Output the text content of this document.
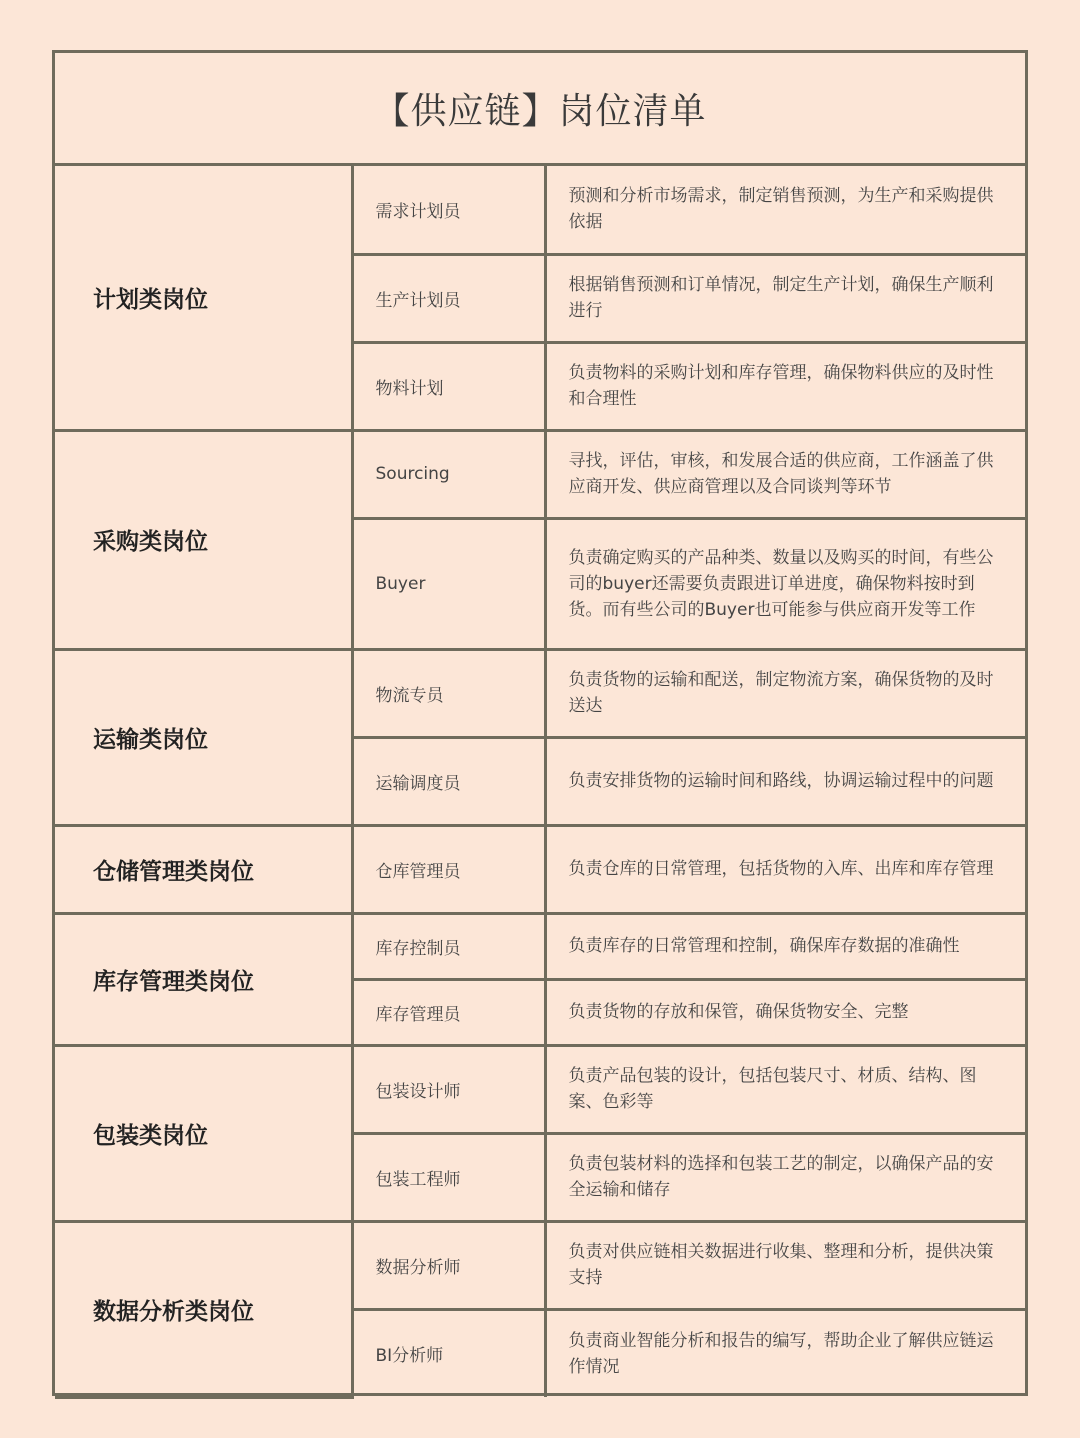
【供应链】岗位清单
计划类岗位	需求计划员	预测和分析市场需求，制定销售预测，为生产和采购提供依据

	生产计划员	根据销售预测和订单情况，制定生产计划，确保生产顺利进行

	物料计划	负责物料的采购计划和库存管理，确保物料供应的及时性和合理性

采购类岗位	Sourcing	寻找，评估，审核，和发展合适的供应商，工作涵盖了供应商开发、供应商管理以及合同谈判等环节

	Buyer	负责确定购买的产品种类、数量以及购买的时间，有些公司的buyer还需要负责跟进订单进度，确保物料按时到货。而有些公司的Buyer也可能参与供应商开发等工作

运输类岗位	物流专员	负责货物的运输和配送，制定物流方案，确保货物的及时送达

	运输调度员	负责安排货物的运输时间和路线，协调运输过程中的问题

仓储管理类岗位	仓库管理员	负责仓库的日常管理，包括货物的入库、出库和库存管理

库存管理类岗位	库存控制员	负责库存的日常管理和控制，确保库存数据的准确性

	库存管理员	负责货物的存放和保管，确保货物安全、完整

包装类岗位	包装设计师	负责产品包装的设计，包括包装尺寸、材质、结构、图案、色彩等

	包装工程师	负责包装材料的选择和包装工艺的制定，以确保产品的安全运输和储存

数据分析类岗位	数据分析师	负责对供应链相关数据进行收集、整理和分析，提供决策支持

	BI分析师	负责商业智能分析和报告的编写，帮助企业了解供应链运作情况
